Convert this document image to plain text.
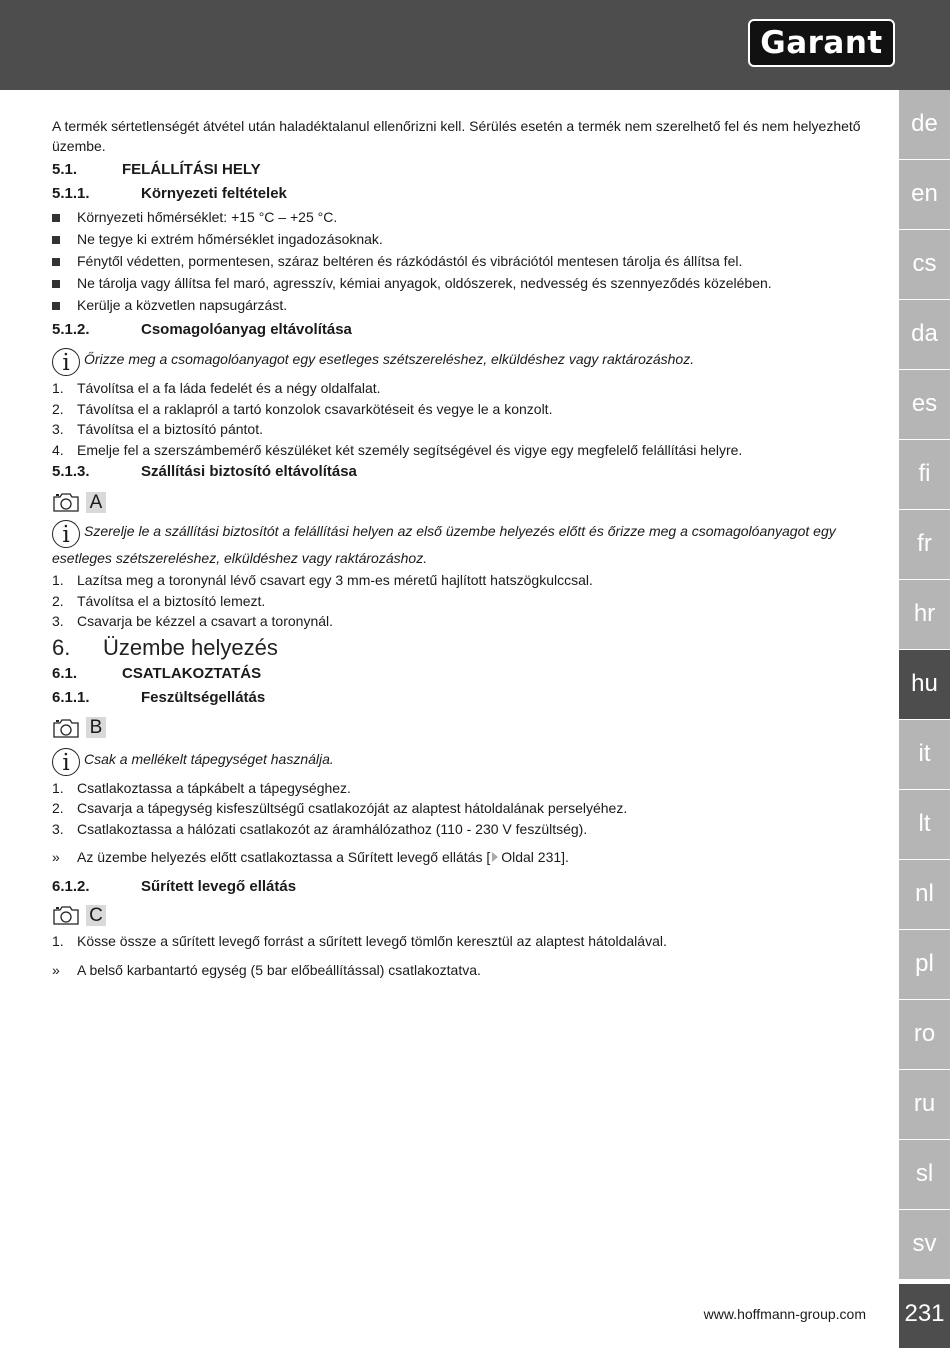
Garant
de
en
cs
da
es
fi
fr
hr
hu
it
lt
nl
pl
ro
ru
sl
sv
231
www.hoffmann-group.com

A termék sértetlenségét átvétel után haladéktalanul ellenőrizni kell. Sérülés esetén a termék nem szerelhető fel és nem helyezhető üzembe.

5.1.	FELÁLLÍTÁSI HELY
5.1.1.	Környezeti feltételek
Környezeti hőmérséklet: +15 °C – +25 °C.
Ne tegye ki extrém hőmérséklet ingadozásoknak.
Fénytől védetten, pormentesen, száraz beltéren és rázkódástól és vibrációtól mentesen tárolja és állítsa fel.
Ne tárolja vagy állítsa fel maró, agresszív, kémiai anyagok, oldószerek, nedvesség és szennyeződés közelében.
Kerülje a közvetlen napsugárzást.
5.1.2.	Csomagolóanyag eltávolítása
i Őrizze meg a csomagolóanyagot egy esetleges szétszereléshez, elküldéshez vagy raktározáshoz.
1. Távolítsa el a fa láda fedelét és a négy oldalfalat.
2. Távolítsa el a raklapról a tartó konzolok csavarkötéseit és vegye le a konzolt.
3. Távolítsa el a biztosító pántot.
4. Emelje fel a szerszámbemérő készüléket két személy segítségével és vigye egy megfelelő felállítási helyre.
5.1.3.	Szállítási biztosító eltávolítása
A
i Szerelje le a szállítási biztosítót a felállítási helyen az első üzembe helyezés előtt és őrizze meg a csomagolóanyagot egy esetleges szétszereléshez, elküldéshez vagy raktározáshoz.
1. Lazítsa meg a toronynál lévő csavart egy 3 mm-es méretű hajlított hatszögkulccsal.
2. Távolítsa el a biztosító lemezt.
3. Csavarja be kézzel a csavart a toronynál.
6. Üzembe helyezés
6.1.	CSATLAKOZTATÁS
6.1.1.	Feszültségellátás
B
i Csak a mellékelt tápegységet használja.
1. Csatlakoztassa a tápkábelt a tápegységhez.
2. Csavarja a tápegység kisfeszültségű csatlakozóját az alaptest hátoldalának perselyéhez.
3. Csatlakoztassa a hálózati csatlakozót az áramhálózathoz (110 - 230 V feszültség).
» Az üzembe helyezés előtt csatlakoztassa a Sűrített levegő ellátás [ Oldal 231].
6.1.2.	Sűrített levegő ellátás
C
1. Kösse össze a sűrített levegő forrást a sűrített levegő tömlőn keresztül az alaptest hátoldalával.
» A belső karbantartó egység (5 bar előbeállítással) csatlakoztatva.
